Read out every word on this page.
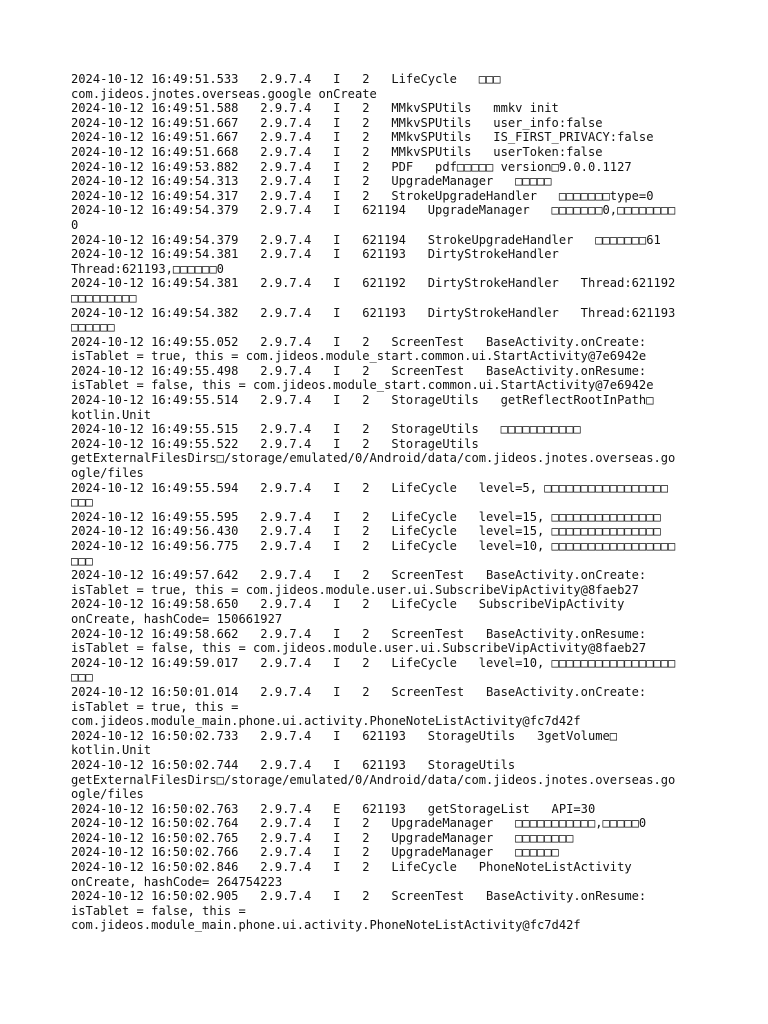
2024-10-12 16:49:51.533   2.9.7.4   I   2   LifeCycle   □□□
com.jideos.jnotes.overseas.google onCreate
2024-10-12 16:49:51.588   2.9.7.4   I   2   MMkvSPUtils   mmkv init
2024-10-12 16:49:51.667   2.9.7.4   I   2   MMkvSPUtils   user_info:false
2024-10-12 16:49:51.667   2.9.7.4   I   2   MMkvSPUtils   IS_FIRST_PRIVACY:false
2024-10-12 16:49:51.668   2.9.7.4   I   2   MMkvSPUtils   userToken:false
2024-10-12 16:49:53.882   2.9.7.4   I   2   PDF   pdf□□□□□ version□9.0.0.1127
2024-10-12 16:49:54.313   2.9.7.4   I   2   UpgradeManager   □□□□□
2024-10-12 16:49:54.317   2.9.7.4   I   2   StrokeUpgradeHandler   □□□□□□□type=0
2024-10-12 16:49:54.379   2.9.7.4   I   621194   UpgradeManager   □□□□□□□0,□□□□□□□□
0
2024-10-12 16:49:54.379   2.9.7.4   I   621194   StrokeUpgradeHandler   □□□□□□□61
2024-10-12 16:49:54.381   2.9.7.4   I   621193   DirtyStrokeHandler
Thread:621193,□□□□□□0
2024-10-12 16:49:54.381   2.9.7.4   I   621192   DirtyStrokeHandler   Thread:621192
□□□□□□□□□
2024-10-12 16:49:54.382   2.9.7.4   I   621193   DirtyStrokeHandler   Thread:621193
□□□□□□
2024-10-12 16:49:55.052   2.9.7.4   I   2   ScreenTest   BaseActivity.onCreate:
isTablet = true, this = com.jideos.module_start.common.ui.StartActivity@7e6942e
2024-10-12 16:49:55.498   2.9.7.4   I   2   ScreenTest   BaseActivity.onResume:
isTablet = false, this = com.jideos.module_start.common.ui.StartActivity@7e6942e
2024-10-12 16:49:55.514   2.9.7.4   I   2   StorageUtils   getReflectRootInPath□
kotlin.Unit
2024-10-12 16:49:55.515   2.9.7.4   I   2   StorageUtils   □□□□□□□□□□□
2024-10-12 16:49:55.522   2.9.7.4   I   2   StorageUtils
getExternalFilesDirs□/storage/emulated/0/Android/data/com.jideos.jnotes.overseas.go
ogle/files
2024-10-12 16:49:55.594   2.9.7.4   I   2   LifeCycle   level=5, □□□□□□□□□□□□□□□□□
□□□
2024-10-12 16:49:55.595   2.9.7.4   I   2   LifeCycle   level=15, □□□□□□□□□□□□□□□
2024-10-12 16:49:56.430   2.9.7.4   I   2   LifeCycle   level=15, □□□□□□□□□□□□□□□
2024-10-12 16:49:56.775   2.9.7.4   I   2   LifeCycle   level=10, □□□□□□□□□□□□□□□□□
□□□
2024-10-12 16:49:57.642   2.9.7.4   I   2   ScreenTest   BaseActivity.onCreate:
isTablet = true, this = com.jideos.module.user.ui.SubscribeVipActivity@8faeb27
2024-10-12 16:49:58.650   2.9.7.4   I   2   LifeCycle   SubscribeVipActivity
onCreate, hashCode= 150661927
2024-10-12 16:49:58.662   2.9.7.4   I   2   ScreenTest   BaseActivity.onResume:
isTablet = false, this = com.jideos.module.user.ui.SubscribeVipActivity@8faeb27
2024-10-12 16:49:59.017   2.9.7.4   I   2   LifeCycle   level=10, □□□□□□□□□□□□□□□□□
□□□
2024-10-12 16:50:01.014   2.9.7.4   I   2   ScreenTest   BaseActivity.onCreate:
isTablet = true, this =
com.jideos.module_main.phone.ui.activity.PhoneNoteListActivity@fc7d42f
2024-10-12 16:50:02.733   2.9.7.4   I   621193   StorageUtils   3getVolume□
kotlin.Unit
2024-10-12 16:50:02.744   2.9.7.4   I   621193   StorageUtils
getExternalFilesDirs□/storage/emulated/0/Android/data/com.jideos.jnotes.overseas.go
ogle/files
2024-10-12 16:50:02.763   2.9.7.4   E   621193   getStorageList   API=30
2024-10-12 16:50:02.764   2.9.7.4   I   2   UpgradeManager   □□□□□□□□□□□,□□□□□0
2024-10-12 16:50:02.765   2.9.7.4   I   2   UpgradeManager   □□□□□□□□
2024-10-12 16:50:02.766   2.9.7.4   I   2   UpgradeManager   □□□□□□
2024-10-12 16:50:02.846   2.9.7.4   I   2   LifeCycle   PhoneNoteListActivity
onCreate, hashCode= 264754223
2024-10-12 16:50:02.905   2.9.7.4   I   2   ScreenTest   BaseActivity.onResume:
isTablet = false, this =
com.jideos.module_main.phone.ui.activity.PhoneNoteListActivity@fc7d42f
